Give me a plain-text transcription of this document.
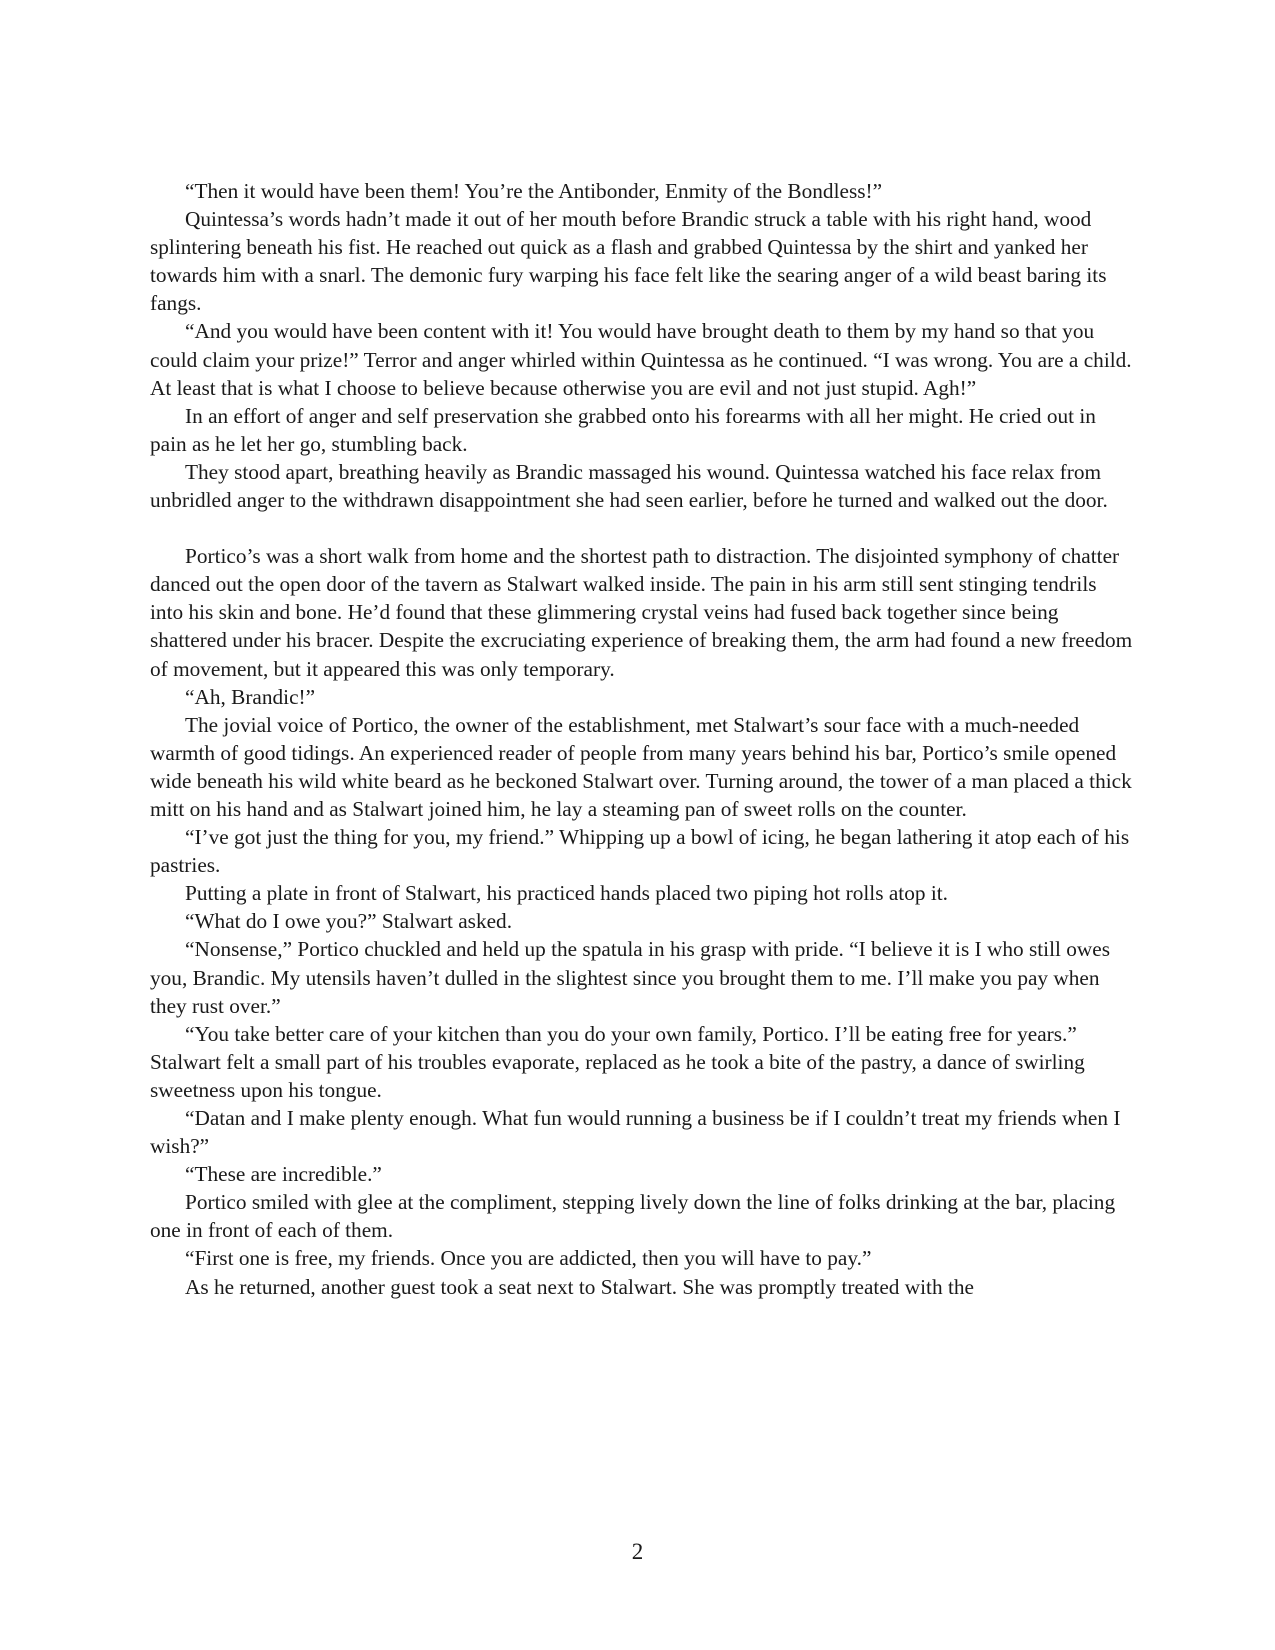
“Then it would have been them! You’re the Antibonder, Enmity of the Bondless!”

Quintessa’s words hadn’t made it out of her mouth before Brandic struck a table with his right hand, wood splintering beneath his fist. He reached out quick as a flash and grabbed Quintessa by the shirt and yanked her towards him with a snarl. The demonic fury warping his face felt like the searing anger of a wild beast baring its fangs.

“And you would have been content with it! You would have brought death to them by my hand so that you could claim your prize!” Terror and anger whirled within Quintessa as he continued. “I was wrong. You are a child. At least that is what I choose to believe because otherwise you are evil and not just stupid. Agh!”

In an effort of anger and self preservation she grabbed onto his forearms with all her might. He cried out in pain as he let her go, stumbling back.

They stood apart, breathing heavily as Brandic massaged his wound. Quintessa watched his face relax from unbridled anger to the withdrawn disappointment she had seen earlier, before he turned and walked out the door.

Portico’s was a short walk from home and the shortest path to distraction. The disjointed symphony of chatter danced out the open door of the tavern as Stalwart walked inside. The pain in his arm still sent stinging tendrils into his skin and bone. He’d found that these glimmering crystal veins had fused back together since being shattered under his bracer. Despite the excruciating experience of breaking them, the arm had found a new freedom of movement, but it appeared this was only temporary.

“Ah, Brandic!”

The jovial voice of Portico, the owner of the establishment, met Stalwart’s sour face with a much-needed warmth of good tidings. An experienced reader of people from many years behind his bar, Portico’s smile opened wide beneath his wild white beard as he beckoned Stalwart over. Turning around, the tower of a man placed a thick mitt on his hand and as Stalwart joined him, he lay a steaming pan of sweet rolls on the counter.

“I’ve got just the thing for you, my friend.” Whipping up a bowl of icing, he began lathering it atop each of his pastries.

Putting a plate in front of Stalwart, his practiced hands placed two piping hot rolls atop it.

“What do I owe you?” Stalwart asked.

“Nonsense,” Portico chuckled and held up the spatula in his grasp with pride. “I believe it is I who still owes you, Brandic. My utensils haven’t dulled in the slightest since you brought them to me. I’ll make you pay when they rust over.”

“You take better care of your kitchen than you do your own family, Portico. I’ll be eating free for years.” Stalwart felt a small part of his troubles evaporate, replaced as he took a bite of the pastry, a dance of swirling sweetness upon his tongue.

“Datan and I make plenty enough. What fun would running a business be if I couldn’t treat my friends when I wish?”

“These are incredible.”

Portico smiled with glee at the compliment, stepping lively down the line of folks drinking at the bar, placing one in front of each of them.

“First one is free, my friends. Once you are addicted, then you will have to pay.”

As he returned, another guest took a seat next to Stalwart. She was promptly treated with the

2
